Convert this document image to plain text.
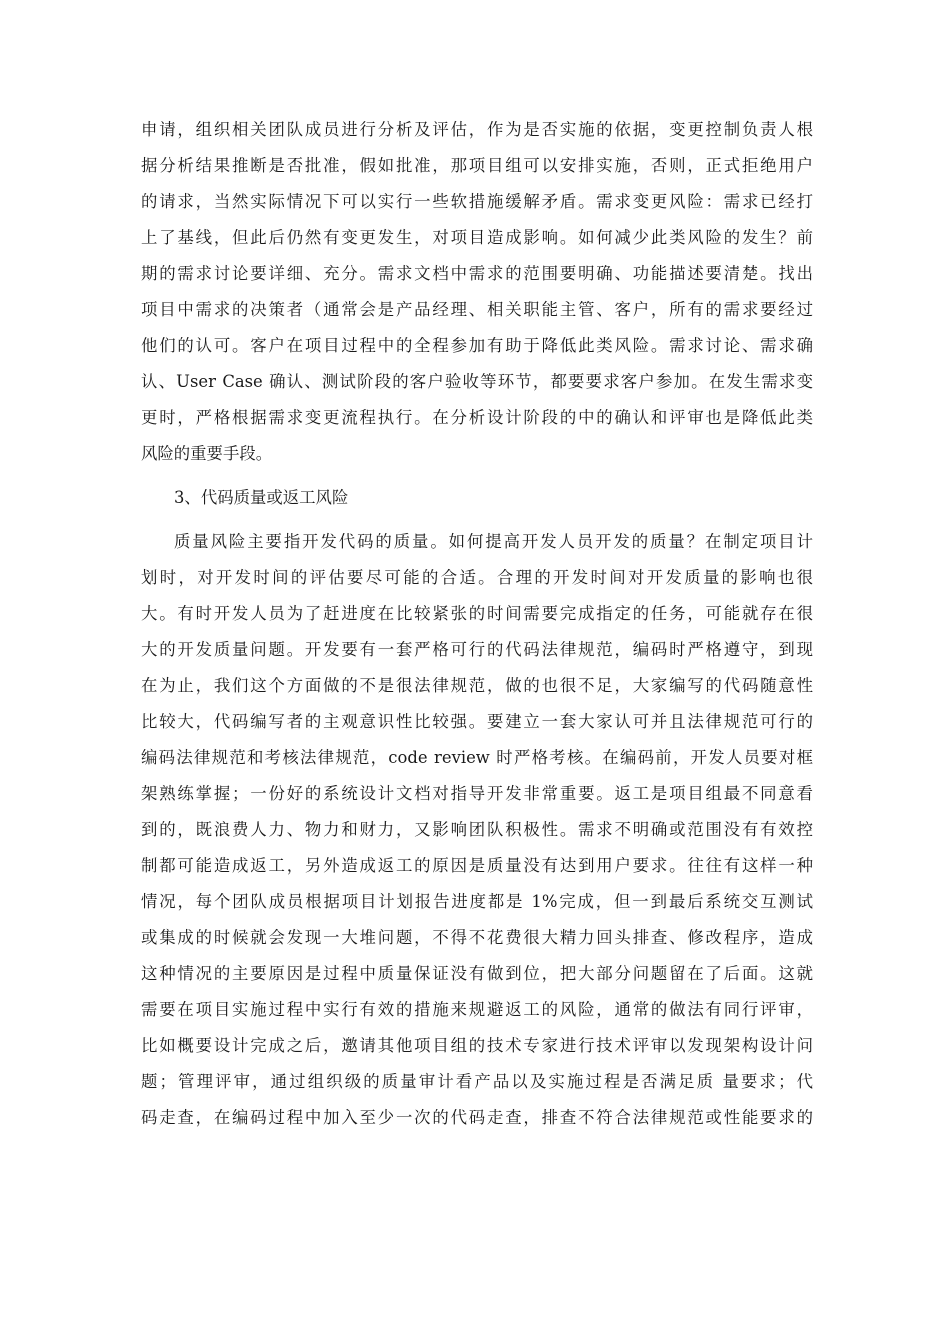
申请，组织相关团队成员进行分析及评估，作为是否实施的依据，变更控制负责人根
据分析结果推断是否批准，假如批准，那项目组可以安排实施，否则，正式拒绝用户
的请求，当然实际情况下可以实行一些软措施缓解矛盾。需求变更风险：需求已经打
上了基线，但此后仍然有变更发生，对项目造成影响。如何减少此类风险的发生？前
期的需求讨论要详细、充分。需求文档中需求的范围要明确、功能描述要清楚。找出
项目中需求的决策者（通常会是产品经理、相关职能主管、客户，所有的需求要经过
他们的认可。客户在项目过程中的全程参加有助于降低此类风险。需求讨论、需求确
认、User Case 确认、测试阶段的客户验收等环节，都要要求客户参加。在发生需求变
更时，严格根据需求变更流程执行。在分析设计阶段的中的确认和评审也是降低此类
风险的重要手段。
3、代码质量或返工风险
质量风险主要指开发代码的质量。如何提高开发人员开发的质量？在制定项目计
划时，对开发时间的评估要尽可能的合适。合理的开发时间对开发质量的影响也很
大。有时开发人员为了赶进度在比较紧张的时间需要完成指定的任务，可能就存在很
大的开发质量问题。开发要有一套严格可行的代码法律规范，编码时严格遵守，到现
在为止，我们这个方面做的不是很法律规范，做的也很不足，大家编写的代码随意性
比较大，代码编写者的主观意识性比较强。要建立一套大家认可并且法律规范可行的
编码法律规范和考核法律规范，code review 时严格考核。在编码前，开发人员要对框
架熟练掌握；一份好的系统设计文档对指导开发非常重要。返工是项目组最不同意看
到的，既浪费人力、物力和财力，又影响团队积极性。需求不明确或范围没有有效控
制都可能造成返工，另外造成返工的原因是质量没有达到用户要求。往往有这样一种
情况，每个团队成员根据项目计划报告进度都是 1%完成，但一到最后系统交互测试
或集成的时候就会发现一大堆问题，不得不花费很大精力回头排查、修改程序，造成
这种情况的主要原因是过程中质量保证没有做到位，把大部分问题留在了后面。这就
需要在项目实施过程中实行有效的措施来规避返工的风险，通常的做法有同行评审，
比如概要设计完成之后，邀请其他项目组的技术专家进行技术评审以发现架构设计问
题；管理评审，通过组织级的质量审计看产品以及实施过程是否满足质 量要求；代
码走查，在编码过程中加入至少一次的代码走查，排查不符合法律规范或性能要求的
